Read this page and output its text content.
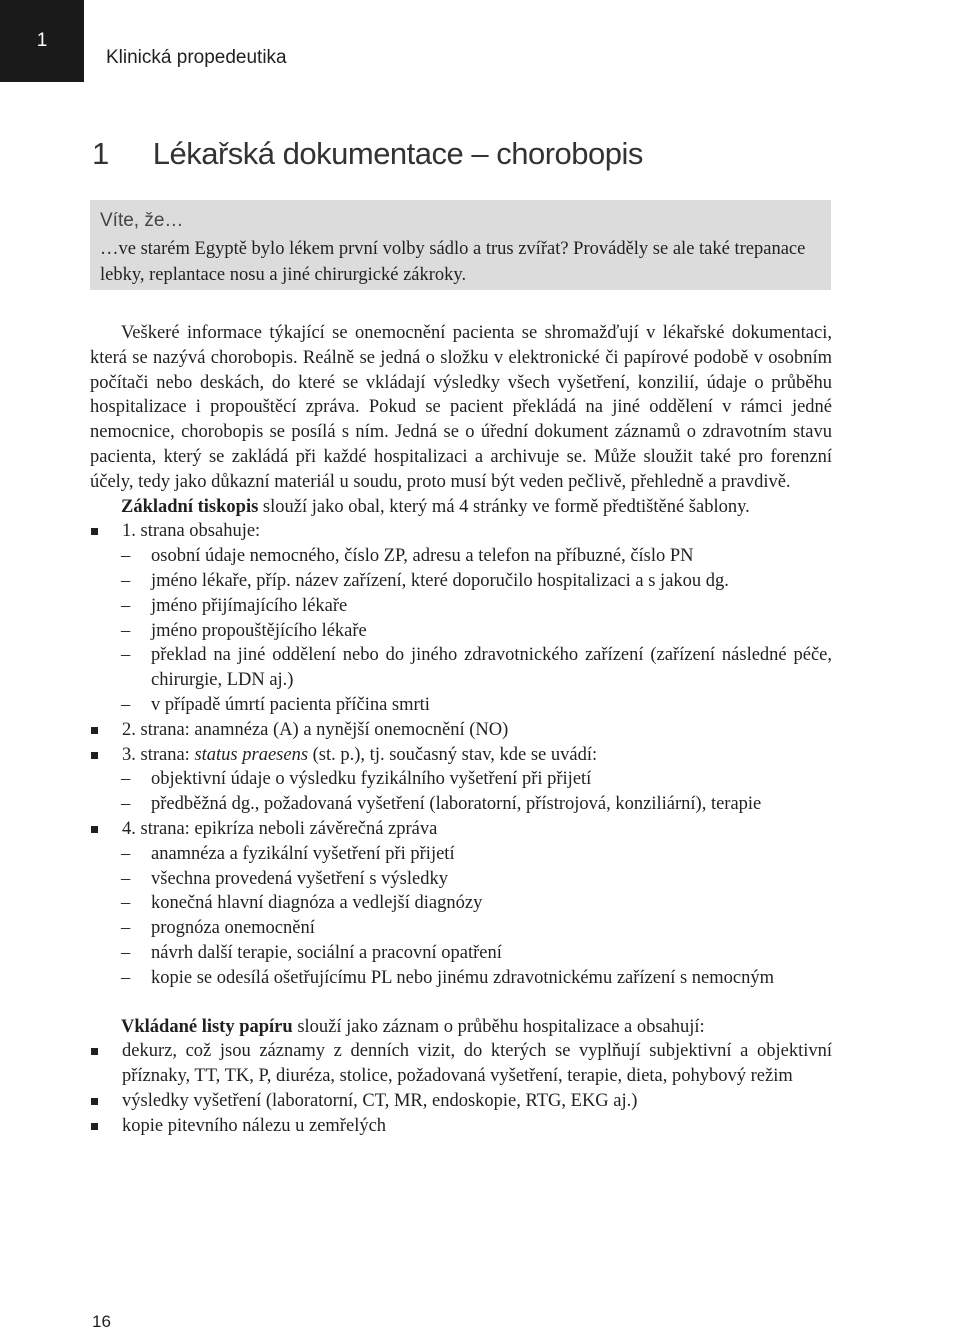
1
Klinická propedeutika
1 Lékařská dokumentace – chorobopis
Víte, že…
…ve starém Egyptě bylo lékem první volby sádlo a trus zvířat? Prováděly se ale také trepanace lebky, replantace nosu a jiné chirurgické zákroky.

Veškeré informace týkající se onemocnění pacienta se shromažďují v lékařské dokumentaci, která se nazývá chorobopis. Reálně se jedná o složku v elektronické či papírové podobě v osobním počítači nebo deskách, do které se vkládají výsledky všech vyšetření, konzilií, údaje o průběhu hospitalizace i propouštěcí zpráva. Pokud se pacient překládá na jiné oddělení v rámci jedné nemocnice, chorobopis se posílá s ním. Jedná se o úřední dokument záznamů o zdravotním stavu pacienta, který se zakládá při každé hospitalizaci a archivuje se. Může sloužit také pro forenzní účely, tedy jako důkazní materiál u soudu, proto musí být veden pečlivě, přehledně a pravdivě.

Základní tiskopis slouží jako obal, který má 4 stránky ve formě předtištěné šablony.

1. strana obsahuje:
– osobní údaje nemocného, číslo ZP, adresu a telefon na příbuzné, číslo PN
– jméno lékaře, příp. název zařízení, které doporučilo hospitalizaci a s jakou dg.
– jméno přijímajícího lékaře
– jméno propouštějícího lékaře
– překlad na jiné oddělení nebo do jiného zdravotnického zařízení (zařízení následné péče, chirurgie, LDN aj.)
– v případě úmrtí pacienta příčina smrti
2. strana: anamnéza (A) a nynější onemocnění (NO)
3. strana: status praesens (st. p.), tj. současný stav, kde se uvádí:
– objektivní údaje o výsledku fyzikálního vyšetření při přijetí
– předběžná dg., požadovaná vyšetření (laboratorní, přístrojová, konziliární), terapie
4. strana: epikríza neboli závěrečná zpráva
– anamnéza a fyzikální vyšetření při přijetí
– všechna provedená vyšetření s výsledky
– konečná hlavní diagnóza a vedlejší diagnózy
– prognóza onemocnění
– návrh další terapie, sociální a pracovní opatření
– kopie se odesílá ošetřujícímu PL nebo jinému zdravotnickému zařízení s nemocným

Vkládané listy papíru slouží jako záznam o průběhu hospitalizace a obsahují:

dekurz, což jsou záznamy z denních vizit, do kterých se vyplňují subjektivní a objektivní příznaky, TT, TK, P, diuréza, stolice, požadovaná vyšetření, terapie, dieta, pohybový režim
výsledky vyšetření (laboratorní, CT, MR, endoskopie, RTG, EKG aj.)
kopie pitevního nálezu u zemřelých
16
